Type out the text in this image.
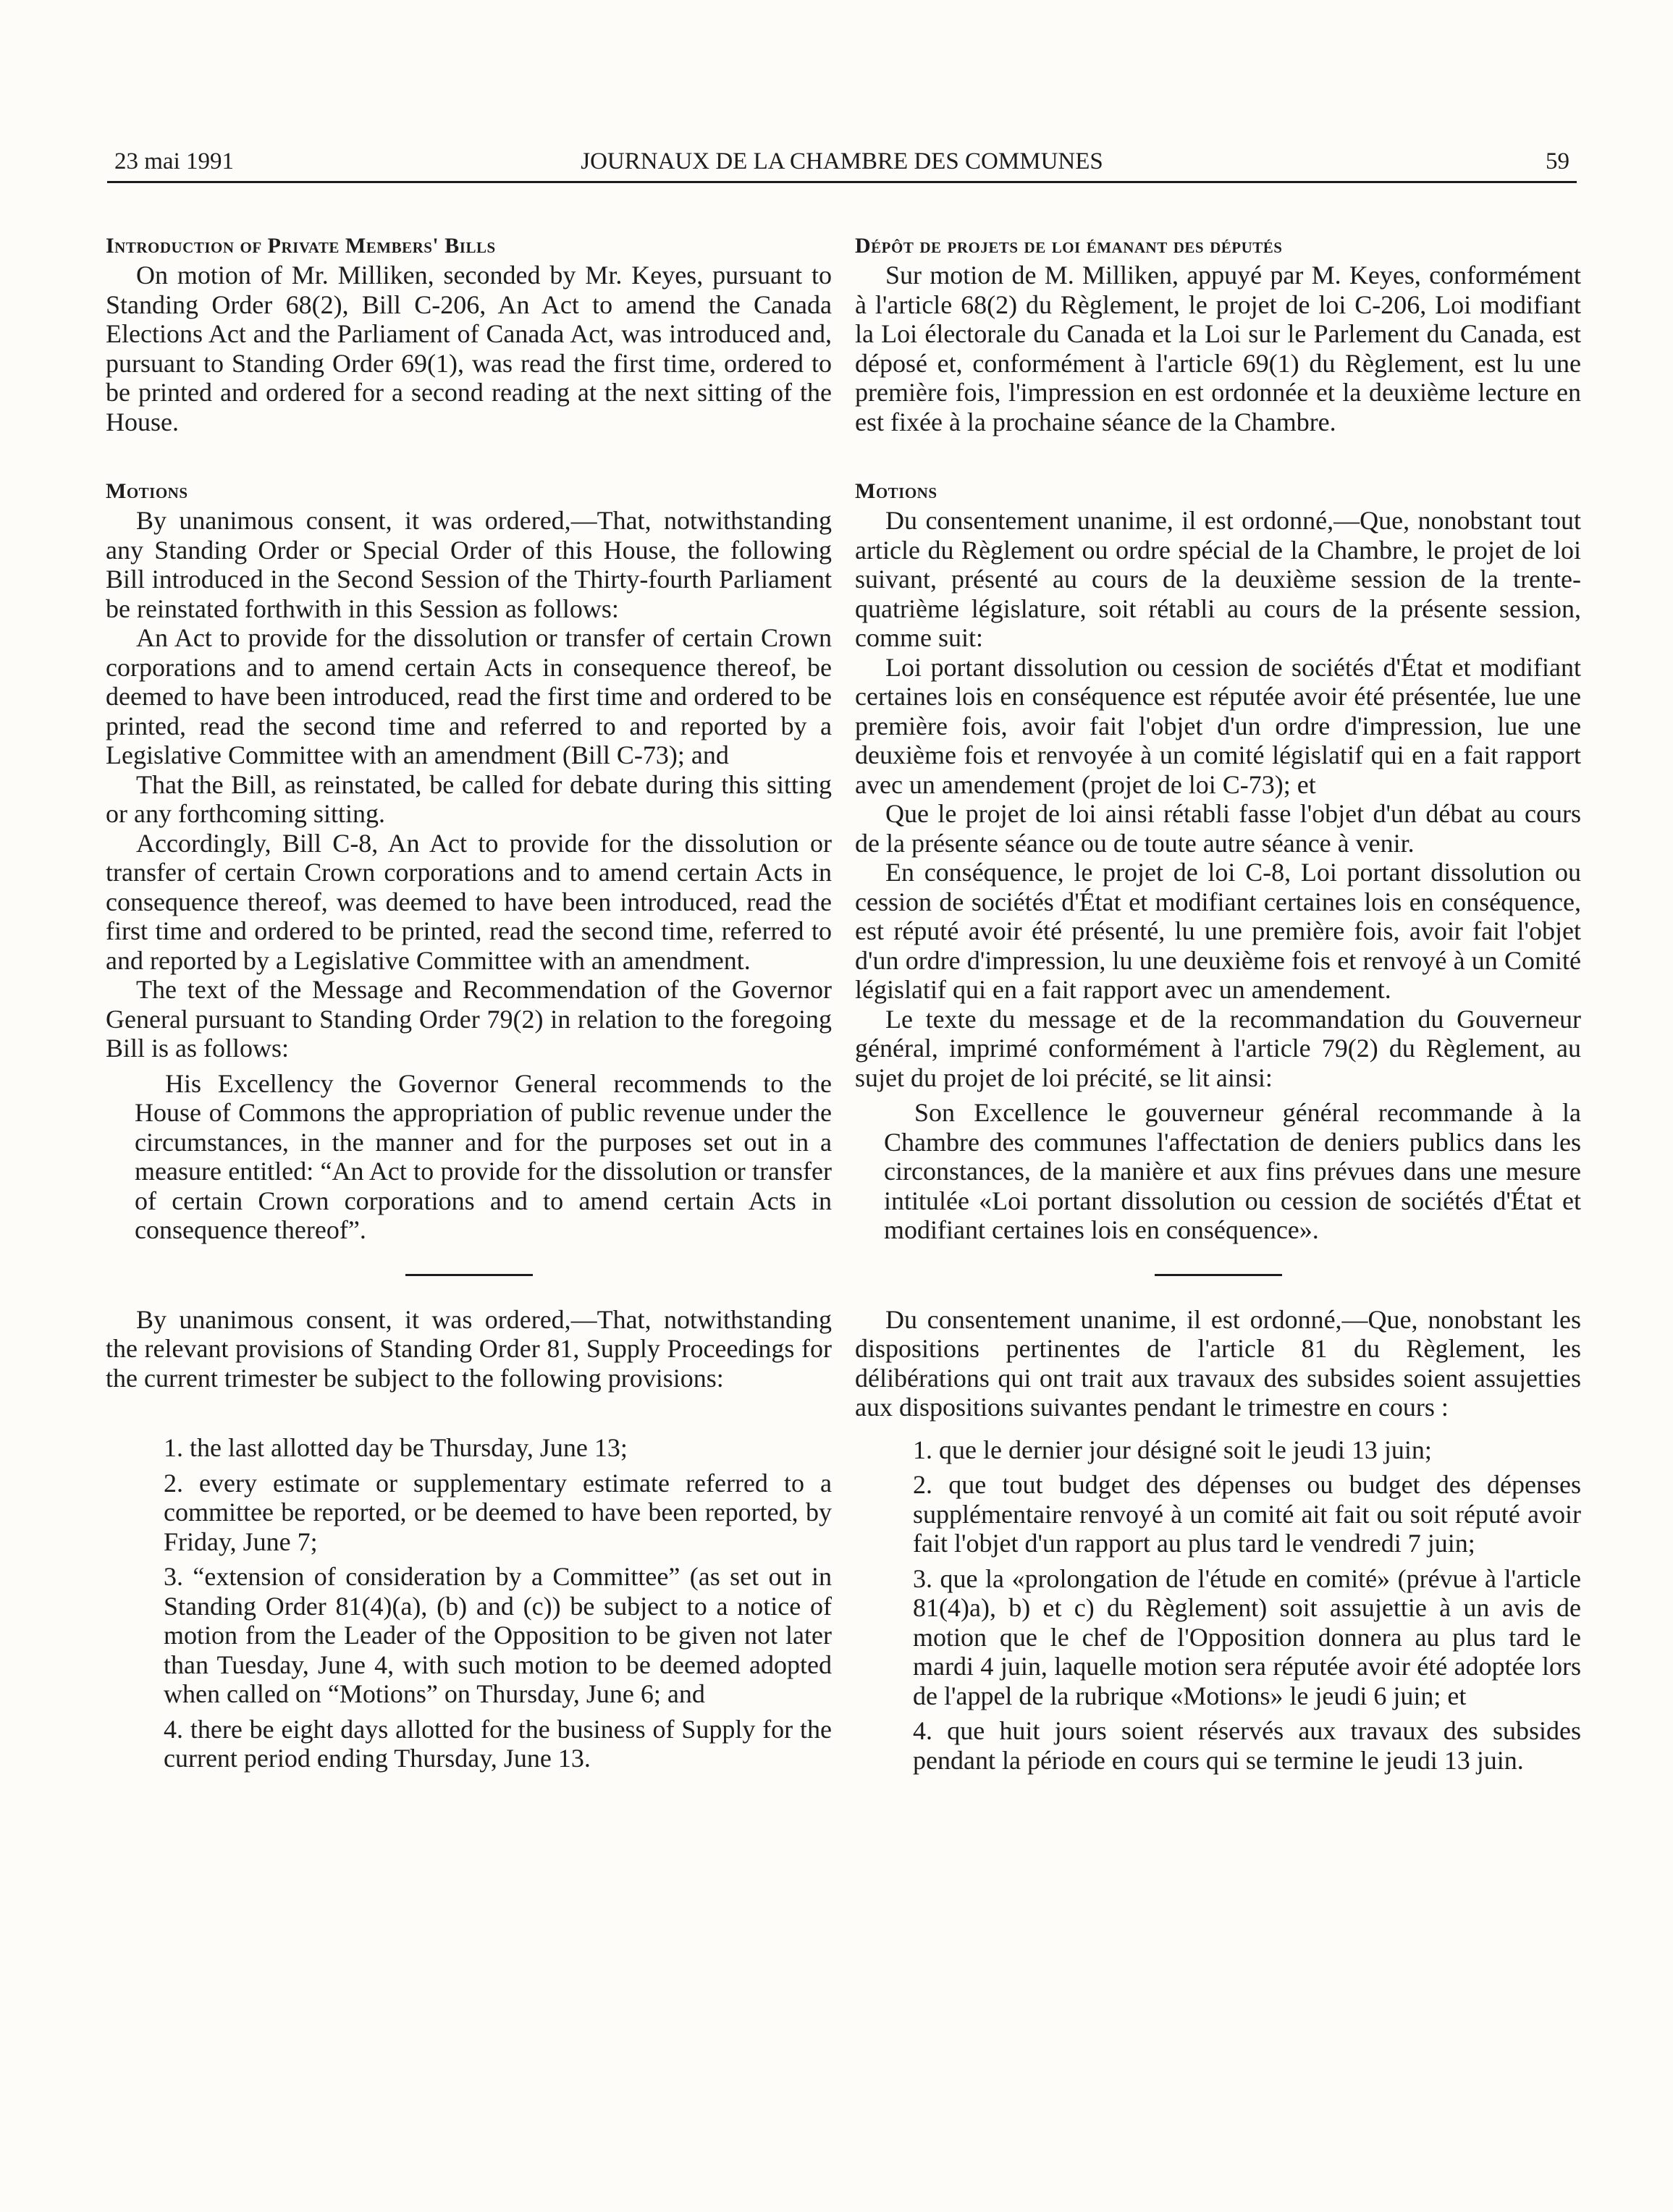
23 mai 1991	JOURNAUX DE LA CHAMBRE DES COMMUNES	59
Introduction of Private Members' Bills

On motion of Mr. Milliken, seconded by Mr. Keyes, pursuant to Standing Order 68(2), Bill C-206, An Act to amend the Canada Elections Act and the Parliament of Canada Act, was introduced and, pursuant to Standing Order 69(1), was read the first time, ordered to be printed and ordered for a second reading at the next sitting of the House.

Motions

By unanimous consent, it was ordered,—That, notwithstanding any Standing Order or Special Order of this House, the following Bill introduced in the Second Session of the Thirty-fourth Parliament be reinstated forthwith in this Session as follows:

An Act to provide for the dissolution or transfer of certain Crown corporations and to amend certain Acts in consequence thereof, be deemed to have been introduced, read the first time and ordered to be printed, read the second time and referred to and reported by a Legislative Committee with an amendment (Bill C-73); and

That the Bill, as reinstated, be called for debate during this sitting or any forthcoming sitting.

Accordingly, Bill C-8, An Act to provide for the dissolution or transfer of certain Crown corporations and to amend certain Acts in consequence thereof, was deemed to have been introduced, read the first time and ordered to be printed, read the second time, referred to and reported by a Legislative Committee with an amendment.

The text of the Message and Recommendation of the Governor General pursuant to Standing Order 79(2) in relation to the foregoing Bill is as follows:

His Excellency the Governor General recommends to the House of Commons the appropriation of public revenue under the circumstances, in the manner and for the purposes set out in a measure entitled: “An Act to provide for the dissolution or transfer of certain Crown corporations and to amend certain Acts in consequence thereof”.

By unanimous consent, it was ordered,—That, notwithstanding the relevant provisions of Standing Order 81, Supply Proceedings for the current trimester be subject to the following provisions:

1. the last allotted day be Thursday, June 13;

2. every estimate or supplementary estimate referred to a committee be reported, or be deemed to have been reported, by Friday, June 7;

3. “extension of consideration by a Committee” (as set out in Standing Order 81(4)(a), (b) and (c)) be subject to a notice of motion from the Leader of the Opposition to be given not later than Tuesday, June 4, with such motion to be deemed adopted when called on “Motions” on Thursday, June 6; and

4. there be eight days allotted for the business of Supply for the current period ending Thursday, June 13.

Dépôt de projets de loi émanant des députés

Sur motion de M. Milliken, appuyé par M. Keyes, conformément à l'article 68(2) du Règlement, le projet de loi C-206, Loi modifiant la Loi électorale du Canada et la Loi sur le Parlement du Canada, est déposé et, conformément à l'article 69(1) du Règlement, est lu une première fois, l'impression en est ordonnée et la deuxième lecture en est fixée à la prochaine séance de la Chambre.

Motions

Du consentement unanime, il est ordonné,—Que, nonobstant tout article du Règlement ou ordre spécial de la Chambre, le projet de loi suivant, présenté au cours de la deuxième session de la trente-quatrième législature, soit rétabli au cours de la présente session, comme suit:

Loi portant dissolution ou cession de sociétés d'État et modifiant certaines lois en conséquence est réputée avoir été présentée, lue une première fois, avoir fait l'objet d'un ordre d'impression, lue une deuxième fois et renvoyée à un comité législatif qui en a fait rapport avec un amendement (projet de loi C-73); et

Que le projet de loi ainsi rétabli fasse l'objet d'un débat au cours de la présente séance ou de toute autre séance à venir.

En conséquence, le projet de loi C-8, Loi portant dissolution ou cession de sociétés d'État et modifiant certaines lois en conséquence, est réputé avoir été présenté, lu une première fois, avoir fait l'objet d'un ordre d'impression, lu une deuxième fois et renvoyé à un Comité législatif qui en a fait rapport avec un amendement.

Le texte du message et de la recommandation du Gouverneur général, imprimé conformément à l'article 79(2) du Règlement, au sujet du projet de loi précité, se lit ainsi:

Son Excellence le gouverneur général recommande à la Chambre des communes l'affectation de deniers publics dans les circonstances, de la manière et aux fins prévues dans une mesure intitulée «Loi portant dissolution ou cession de sociétés d'État et modifiant certaines lois en conséquence».

Du consentement unanime, il est ordonné,—Que, nonobstant les dispositions pertinentes de l'article 81 du Règlement, les délibérations qui ont trait aux travaux des subsides soient assujetties aux dispositions suivantes pendant le trimestre en cours :

1. que le dernier jour désigné soit le jeudi 13 juin;

2. que tout budget des dépenses ou budget des dépenses supplémentaire renvoyé à un comité ait fait ou soit réputé avoir fait l'objet d'un rapport au plus tard le vendredi 7 juin;

3. que la «prolongation de l'étude en comité» (prévue à l'article 81(4)a), b) et c) du Règlement) soit assujettie à un avis de motion que le chef de l'Opposition donnera au plus tard le mardi 4 juin, laquelle motion sera réputée avoir été adoptée lors de l'appel de la rubrique «Motions» le jeudi 6 juin; et

4. que huit jours soient réservés aux travaux des subsides pendant la période en cours qui se termine le jeudi 13 juin.
